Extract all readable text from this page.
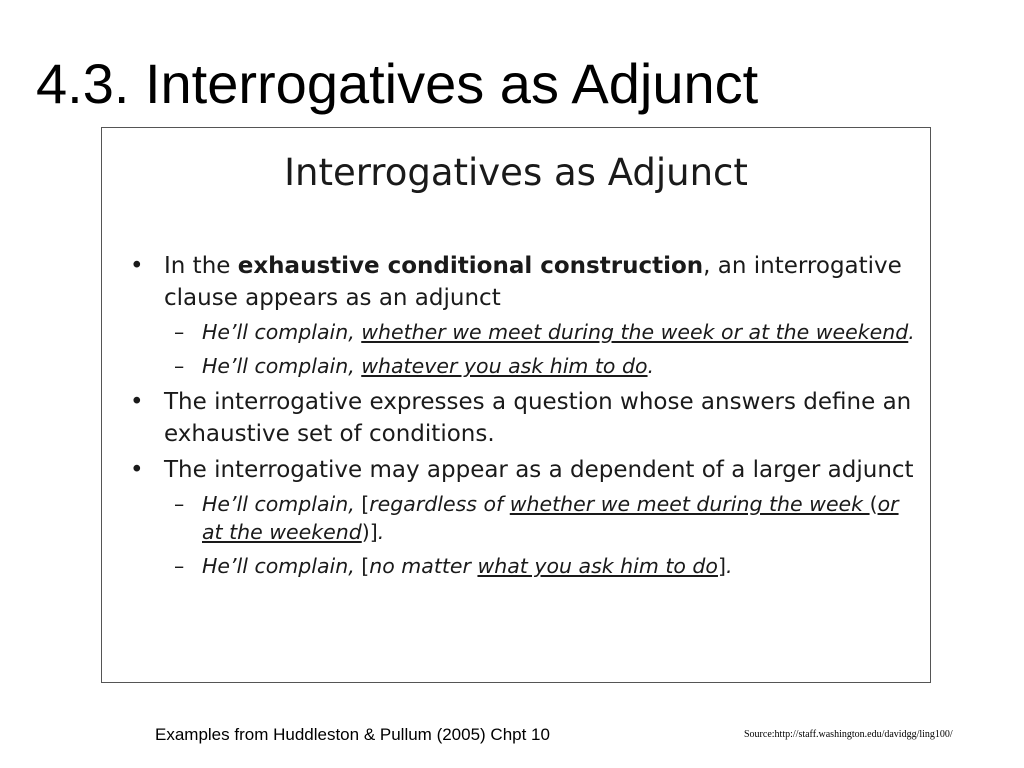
4.3. Interrogatives as Adjunct
Interrogatives as Adjunct
• In the exhaustive conditional construction, an interrogative clause appears as an adjunct
– He’ll complain, whether we meet during the week or at the weekend.
– He’ll complain, whatever you ask him to do.
• The interrogative expresses a question whose answers define an exhaustive set of conditions.
• The interrogative may appear as a dependent of a larger adjunct
– He’ll complain, [regardless of whether we meet during the week (or at the weekend)].
– He’ll complain, [no matter what you ask him to do].
Examples from Huddleston & Pullum (2005) Chpt 10	Source:http://staff.washington.edu/davidgg/ling100/
